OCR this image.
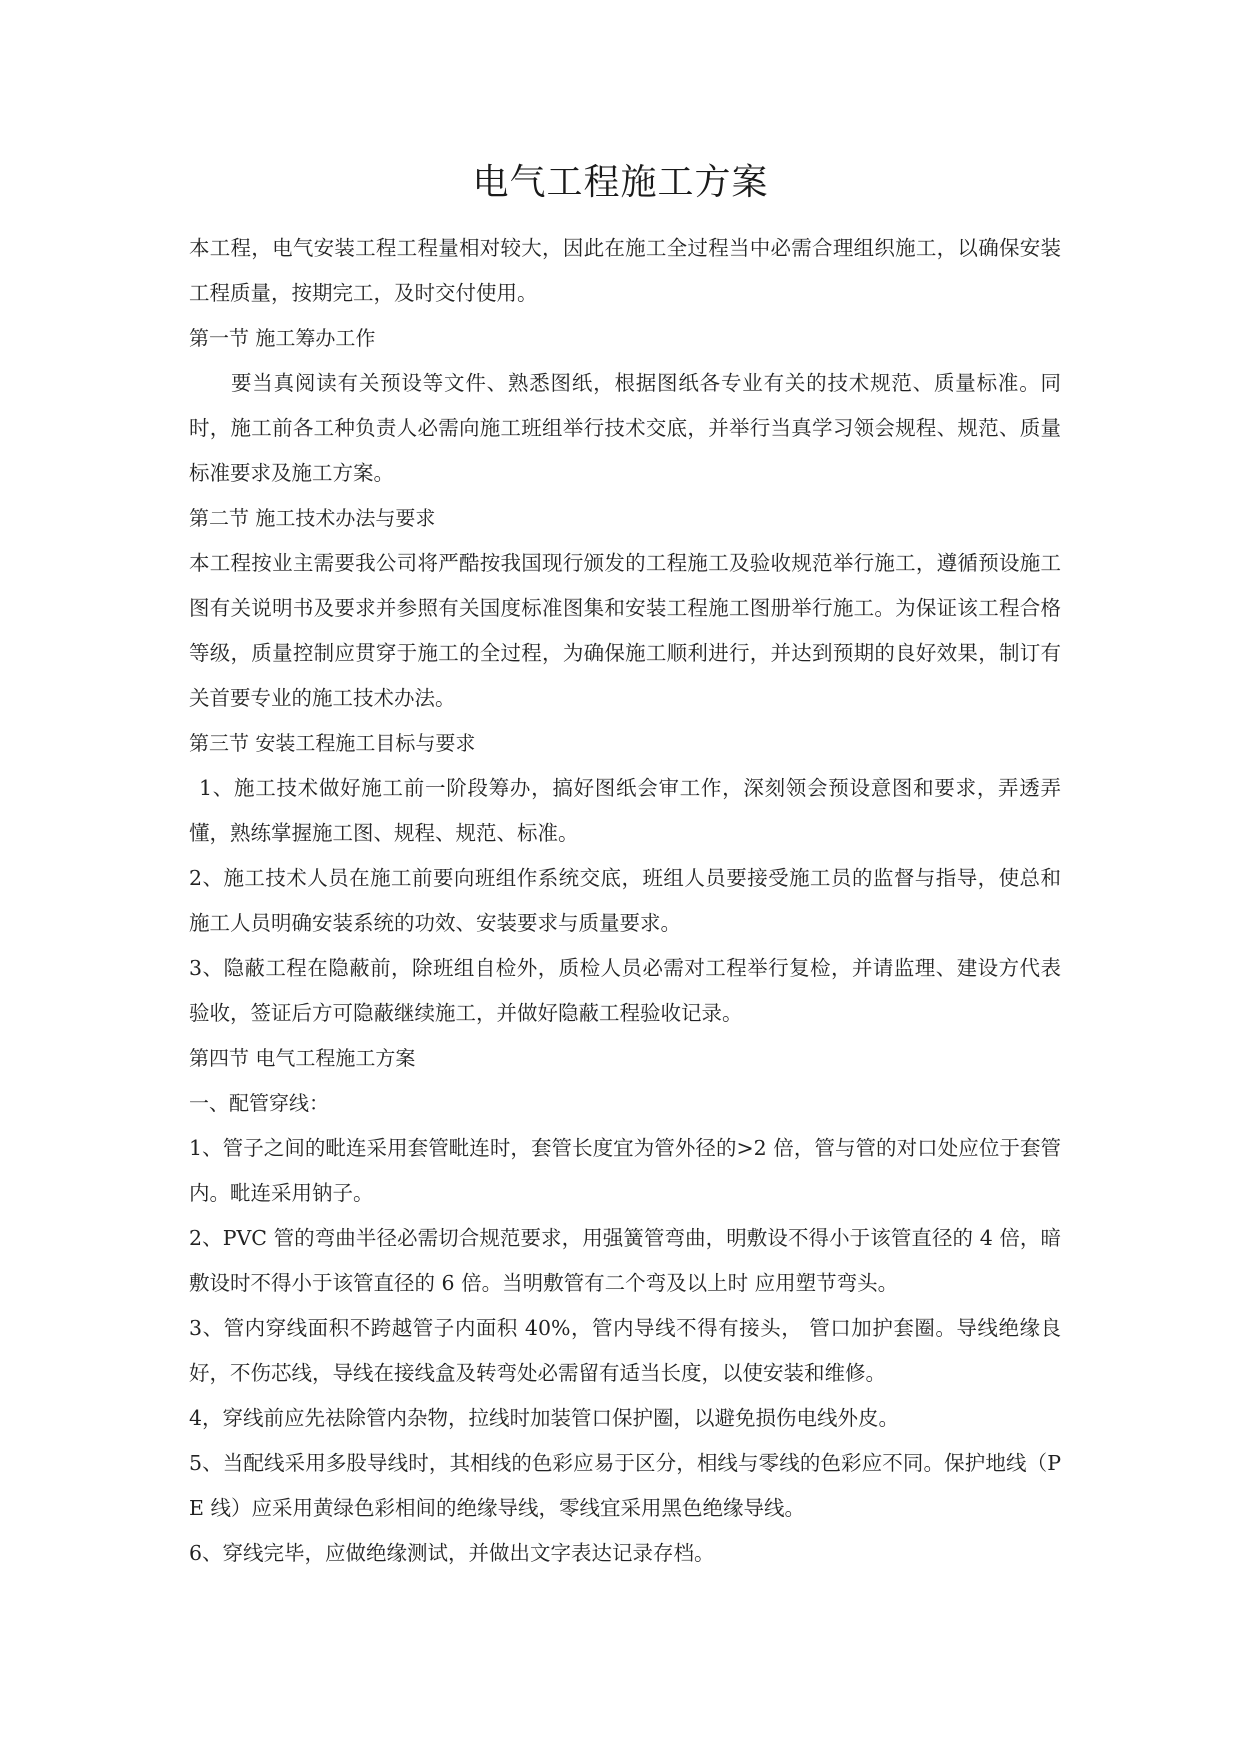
电气工程施工方案

本工程，电气安装工程工程量相对较大，因此在施工全过程当中必需合理组织施工，以确保安装工程质量，按期完工，及时交付使用。

第一节 施工筹办工作

要当真阅读有关预设等文件、熟悉图纸，根据图纸各专业有关的技术规范、质量标准。同时，施工前各工种负责人必需向施工班组举行技术交底，并举行当真学习领会规程、规范、质量标准要求及施工方案。

第二节 施工技术办法与要求

本工程按业主需要我公司将严酷按我国现行颁发的工程施工及验收规范举行施工，遵循预设施工图有关说明书及要求并参照有关国度标准图集和安装工程施工图册举行施工。为保证该工程合格等级，质量控制应贯穿于施工的全过程，为确保施工顺利进行，并达到预期的良好效果，制订有关首要专业的施工技术办法。

第三节 安装工程施工目标与要求

1、施工技术做好施工前一阶段筹办，搞好图纸会审工作，深刻领会预设意图和要求，弄透弄懂，熟练掌握施工图、规程、规范、标准。

2、施工技术人员在施工前要向班组作系统交底，班组人员要接受施工员的监督与指导，使总和施工人员明确安装系统的功效、安装要求与质量要求。

3、隐蔽工程在隐蔽前，除班组自检外，质检人员必需对工程举行复检，并请监理、建设方代表验收，签证后方可隐蔽继续施工，并做好隐蔽工程验收记录。

第四节 电气工程施工方案

一、配管穿线：

1、管子之间的毗连采用套管毗连时，套管长度宜为管外径的>2 倍，管与管的对口处应位于套管内。毗连采用钠子。

2、PVC 管的弯曲半径必需切合规范要求，用强簧管弯曲，明敷设不得小于该管直径的 4 倍，暗敷设时不得小于该管直径的 6 倍。当明敷管有二个弯及以上时 应用塑节弯头。

3、管内穿线面积不跨越管子内面积 40%，管内导线不得有接头， 管口加护套圈。导线绝缘良好，不伤芯线，导线在接线盒及转弯处必需留有适当长度，以使安装和维修。

4，穿线前应先祛除管内杂物，拉线时加装管口保护圈，以避免损伤电线外皮。

5、当配线采用多股导线时，其相线的色彩应易于区分，相线与零线的色彩应不同。保护地线（PE 线）应采用黄绿色彩相间的绝缘导线，零线宜采用黑色绝缘导线。

6、穿线完毕，应做绝缘测试，并做出文字表达记录存档。
